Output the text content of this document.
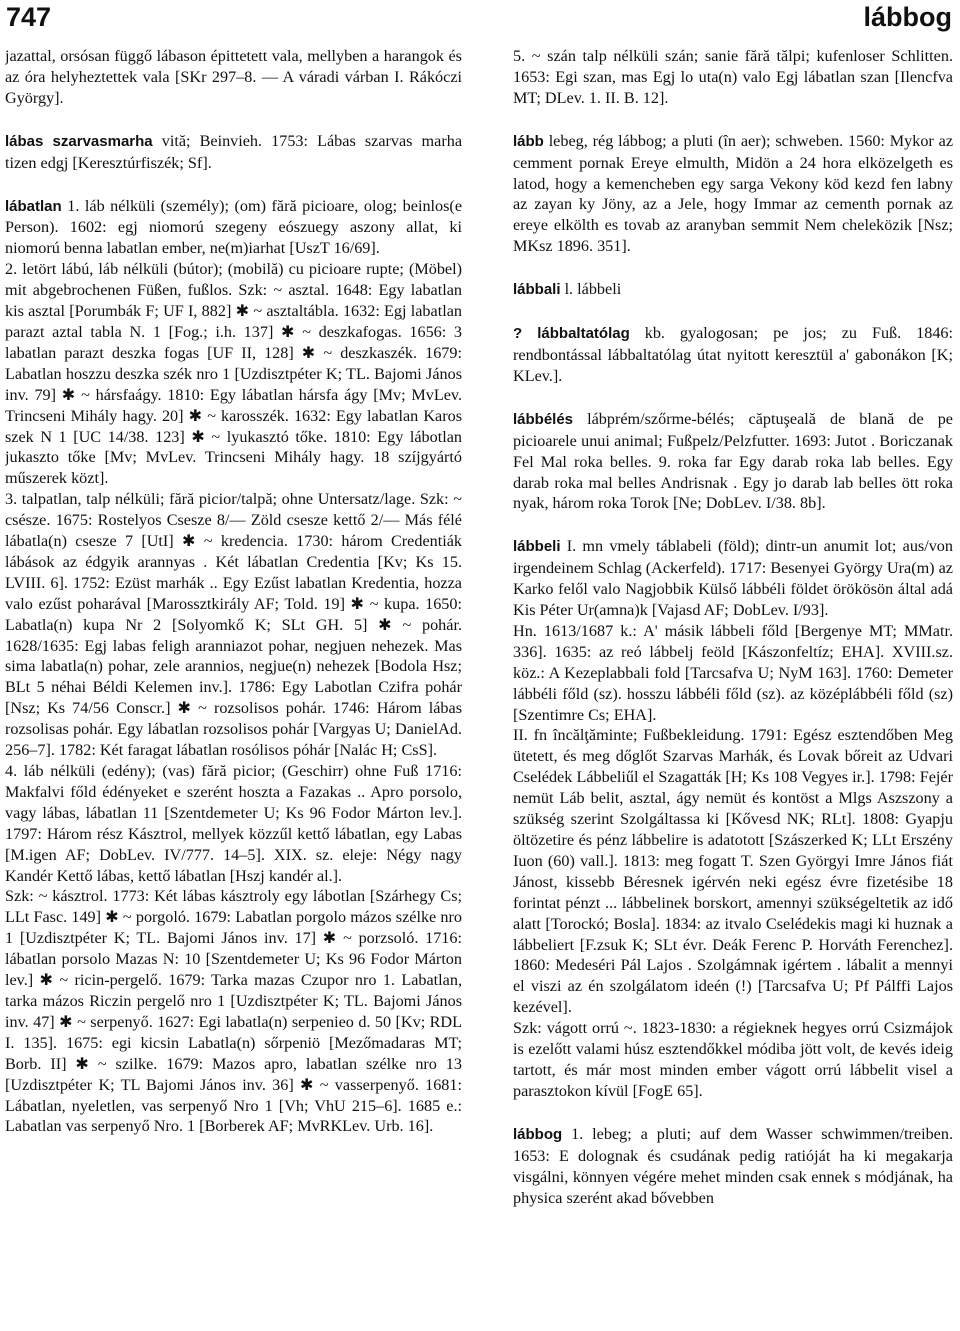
747	lábbog

jazattal, orsósan függő lábason épittetett vala, mellyben a harangok és az óra helyheztettek vala [SKr 297–8. — A váradi várban I. Rákóczi György].

lábas szarvasmarha vită; Beinvieh. 1753: Lábas szarvas marha tizen edgj [Keresztúrfiszék; Sf].

lábatlan 1. láb nélküli (személy); (om) fără picioare, olog; beinlos(e Person). 1602: egj niomorú szegeny eószuegy aszony allat, ki niomorú benna labatlan ember, ne(m)iarhat [UszT 16/69].

2. letört lábú, láb nélküli (bútor); (mobilă) cu picioare rupte; (Möbel) mit abgebrochenen Füßen, fußlos. Szk: ~ asztal. 1648: Egy labatlan kis asztal [Porumbák F; UF I, 882] ✱ ~ asztaltábla. 1632: Egj labatlan parazt aztal tabla N. 1 [Fog.; i.h. 137] ✱ ~ deszkafogas. 1656: 3 labatlan parazt deszka fogas [UF II, 128] ✱ ~ deszkaszék. 1679: Labatlan hoszzu deszka szék nro 1 [Uzdisztpéter K; TL. Bajomi János inv. 79] ✱ ~ hársfaágy. 1810: Egy lábatlan hársfa ágy [Mv; MvLev. Trincseni Mihály hagy. 20] ✱ ~ karosszék. 1632: Egy labatlan Karos szek N 1 [UC 14/38. 123] ✱ ~ lyukasztó tőke. 1810: Egy lábotlan jukaszto tőke [Mv; MvLev. Trincseni Mihály hagy. 18 szíjgyártó műszerek közt].

3. talpatlan, talp nélküli; fără picior/talpă; ohne Untersatz/lage. Szk: ~ csésze. 1675: Rostelyos Csesze 8/— Zöld csesze kettő 2/— Más félé lábatla(n) csesze 7 [UtI] ✱ ~ kredencia. 1730: három Credentiák lábások az édgyik arannyas . Két lábatlan Credentia [Kv; Ks 15. LVIII. 6]. 1752: Ezüst marhák .. Egy Ezűst labatlan Kredentia, hozza valo ezűst poharával [Marossztkirály AF; Told. 19] ✱ ~ kupa. 1650: Labatla(n) kupa Nr 2 [Solyomkő K; SLt GH. 5] ✱ ~ pohár. 1628/1635: Egj labas feligh aranniazot pohar, negjuen nehezek. Mas sima labatla(n) pohar, zele arannios, negjue(n) nehezek [Bodola Hsz; BLt 5 néhai Béldi Kelemen inv.]. 1786: Egy Labotlan Czifra pohár [Nsz; Ks 74/56 Conscr.] ✱ ~ rozsolisos pohár. 1746: Három lábas rozsolisas pohár. Egy lábatlan rozsolisos pohár [Vargyas U; DanielAd. 256–7]. 1782: Két faragat lábatlan rosólisos póhár [Nalác H; CsS].

4. láb nélküli (edény); (vas) fără picior; (Geschirr) ohne Fuß 1716: Makfalvi főld édényeket e szerént hoszta a Fazakas .. Apro porsolo, vagy lábas, lábatlan 11 [Szentdemeter U; Ks 96 Fodor Márton lev.]. 1797: Három rész Kásztrol, mellyek közzűl kettő lábatlan, egy Labas [M.igen AF; DobLev. IV/777. 14–5]. XIX. sz. eleje: Négy nagy Kandér Kettő lábas, kettő lábatlan [Hszj kandér al.].

Szk: ~ kásztrol. 1773: Két lábas kásztroly egy lábotlan [Szárhegy Cs; LLt Fasc. 149] ✱ ~ porgoló. 1679: Labatlan porgolo mázos szélke nro 1 [Uzdisztpéter K; TL. Bajomi János inv. 17] ✱ ~ porzsoló. 1716: lábatlan porsolo Mazas N: 10 [Szentdemeter U; Ks 96 Fodor Márton lev.] ✱ ~ ricin-pergelő. 1679: Tarka mazas Czupor nro 1. Labatlan, tarka mázos Riczin pergelő nro 1 [Uzdisztpéter K; TL. Bajomi János inv. 47] ✱ ~ serpenyő. 1627: Egi labatla(n) serpenieo d. 50 [Kv; RDL I. 135]. 1675: egi kicsin Labatla(n) sőrpeniö [Mezőmadaras MT; Borb. II] ✱ ~ szilke. 1679: Mazos apro, labatlan szélke nro 13 [Uzdisztpéter K; TL Bajomi János inv. 36] ✱ ~ vasserpenyő. 1681: Lábatlan, nyeletlen, vas serpenyő Nro 1 [Vh; VhU 215–6]. 1685 e.: Labatlan vas serpenyő Nro. 1 [Borberek AF; MvRKLev. Urb. 16].

5. ~ szán talp nélküli szán; sanie fără tălpi; kufenloser Schlitten. 1653: Egi szan, mas Egj lo uta(n) valo Egj lábatlan szan [Ilencfva MT; DLev. 1. II. B. 12].

lább lebeg, rég lábbog; a pluti (în aer); schweben. 1560: Mykor az cemment pornak Ereye elmulth, Midön a 24 hora elközelgeth es latod, hogy a kemencheben egy sarga Vekony köd kezd fen labny az zayan ky Jöny, az a Jele, hogy Immar az cementh pornak az ereye elkölth es tovab az aranyban semmit Nem cheleközik [Nsz; MKsz 1896. 351].

lábbali l. lábbeli

? lábbaltatólag kb. gyalogosan; pe jos; zu Fuß. 1846: rendbontással lábbaltatólag útat nyitott keresztül a' gabonákon [K; KLev.].

lábbélés lábprém/szőrme-bélés; căptuşeală de blană de pe picioarele unui animal; Fußpelz/Pelzfutter. 1693: Jutot . Boriczanak Fel Mal roka belles. 9. roka far Egy darab roka lab belles. Egy darab roka mal belles Andrisnak . Egy jo darab lab belles ött roka nyak, három roka Torok [Ne; DobLev. I/38. 8b].

lábbeli I. mn vmely táblabeli (föld); dintr-un anumit lot; aus/von irgendeinem Schlag (Ackerfeld). 1717: Besenyei György Ura(m) az Karko felől valo Nagjobbik Külső lábbéli földet örökösön által adá Kis Péter Ur(amna)k [Vajasd AF; DobLev. I/93].

Hn. 1613/1687 k.: A' másik lábbeli főld [Bergenye MT; MMatr. 336]. 1635: az reó lábbelj feöld [Kászonfeltíz; EHA]. XVIII.sz. köz.: A Kezeplabbali fold [Tarcsafva U; NyM 163]. 1760: Demeter lábbéli főld (sz). hosszu lábbéli főld (sz). az középlábbéli főld (sz) [Szentimre Cs; EHA].

II. fn încălţăminte; Fußbekleidung. 1791: Egész esztendőben Meg ütetett, és meg dőglőt Szarvas Marhák, és Lovak bőreit az Udvari Cselédek Lábbeliűl el Szagatták [H; Ks 108 Vegyes ir.]. 1798: Fejér nemüt Láb belit, asztal, ágy nemüt és kontöst a Mlgs Aszszony a szükség szerint Szolgáltassa ki [Kővesd NK; RLt]. 1808: Gyapju öltözetire és pénz lábbelire is adatotott [Szászerked K; LLt Erszény Iuon (60) vall.]. 1813: meg fogatt T. Szen Györgyi Imre János fiát Jánost, kissebb Béresnek igérvén neki egész évre fizetésibe 18 forintat pénzt ... lábbelinek borskort, amennyi szükségeltetik az idő alatt [Torockó; Bosla]. 1834: az itvalo Cselédekis magi ki huznak a lábbeliert [F.zsuk K; SLt évr. Deák Ferenc P. Horváth Ferenchez]. 1860: Medeséri Pál Lajos . Szolgámnak igértem . lábalit a mennyi el viszi az én szolgálatom ideén (!) [Tarcsafva U; Pf Pálffi Lajos kezével].

Szk: vágott orrú ~. 1823-1830: a régieknek hegyes orrú Csizmájok is ezelőtt valami húsz esztendőkkel módiba jött volt, de kevés ideig tartott, és már most minden ember vágott orrú lábbelit visel a parasztokon kívül [FogE 65].

lábbog 1. lebeg; a pluti; auf dem Wasser schwimmen/treiben. 1653: E dolognak és csudának pedig ratióját ha ki megakarja visgálni, könnyen végére mehet minden csak ennek s módjának, ha physica szerént akad bővebben
